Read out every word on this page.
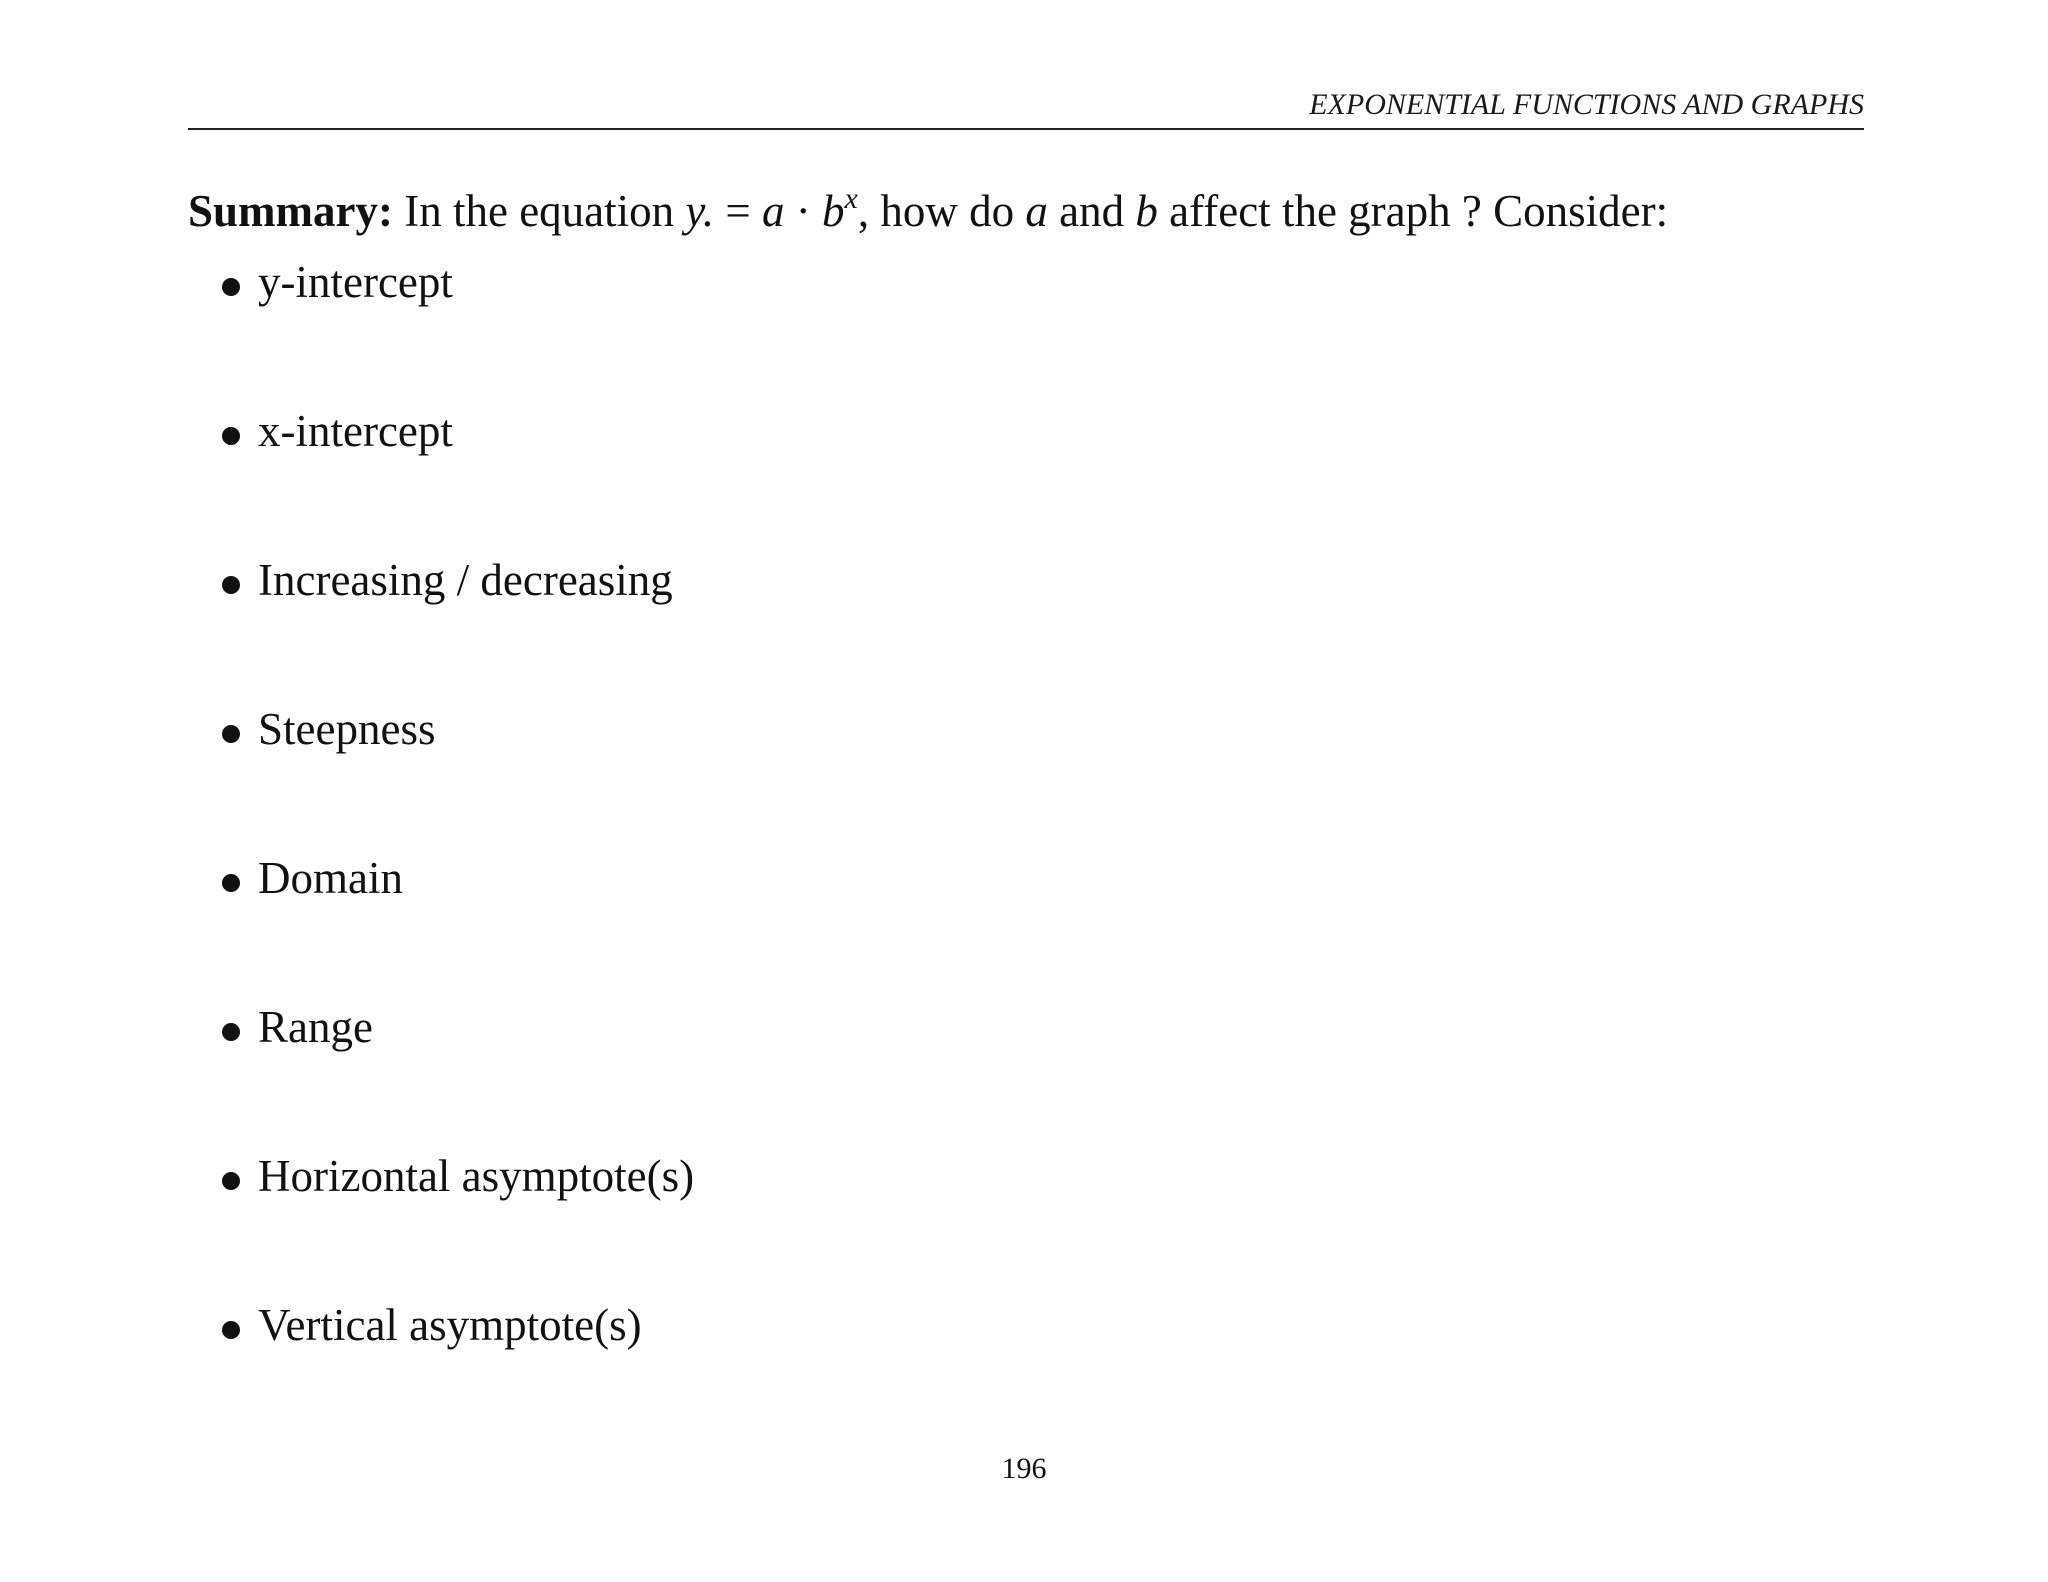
EXPONENTIAL FUNCTIONS AND GRAPHS
Summary: In the equation y. = $a \cdot b^x$, how do a and b affect the graph ? Consider:
y-intercept
x-intercept
Increasing / decreasing
Steepness
Domain
Range
Horizontal asymptote(s)
Vertical asymptote(s)
196
